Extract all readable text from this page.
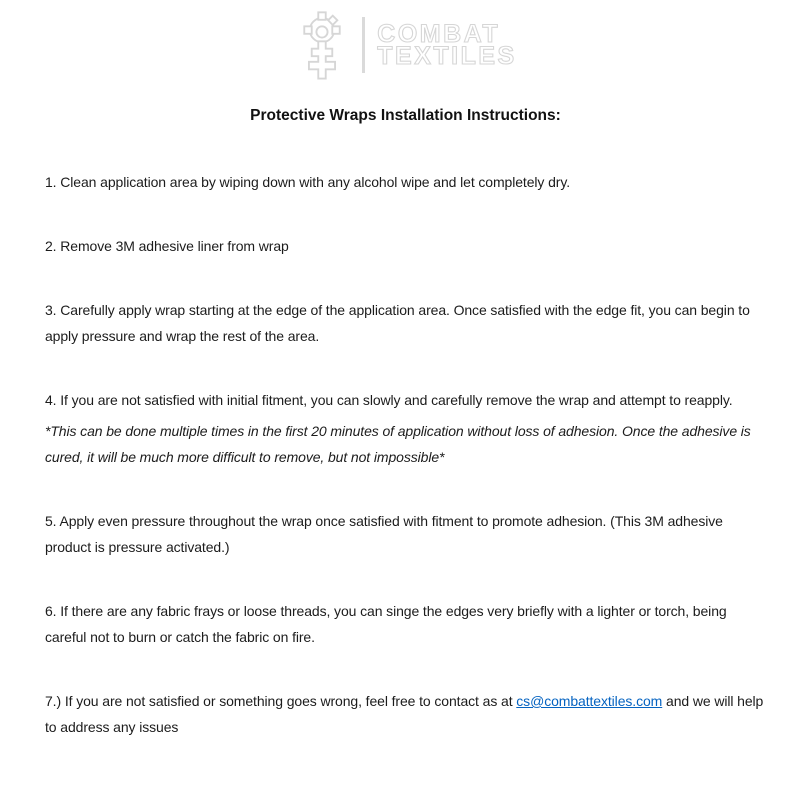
COMBAT
TEXTILES
Protective Wraps Installation Instructions:

1. Clean application area by wiping down with any alcohol wipe and let completely dry.

2. Remove 3M adhesive liner from wrap

3. Carefully apply wrap starting at the edge of the application area. Once satisfied with the edge fit, you can begin to apply pressure and wrap the rest of the area.

4. If you are not satisfied with initial fitment, you can slowly and carefully remove the wrap and attempt to reapply.

*This can be done multiple times in the first 20 minutes of application without loss of adhesion. Once the adhesive is cured, it will be much more difficult to remove, but not impossible*

5. Apply even pressure throughout the wrap once satisfied with fitment to promote adhesion. (This 3M adhesive product is pressure activated.)

6. If there are any fabric frays or loose threads, you can singe the edges very briefly with a lighter or torch, being careful not to burn or catch the fabric on fire.

7.) If you are not satisfied or something goes wrong, feel free to contact as at cs@combattextiles.com and we will help to address any issues
